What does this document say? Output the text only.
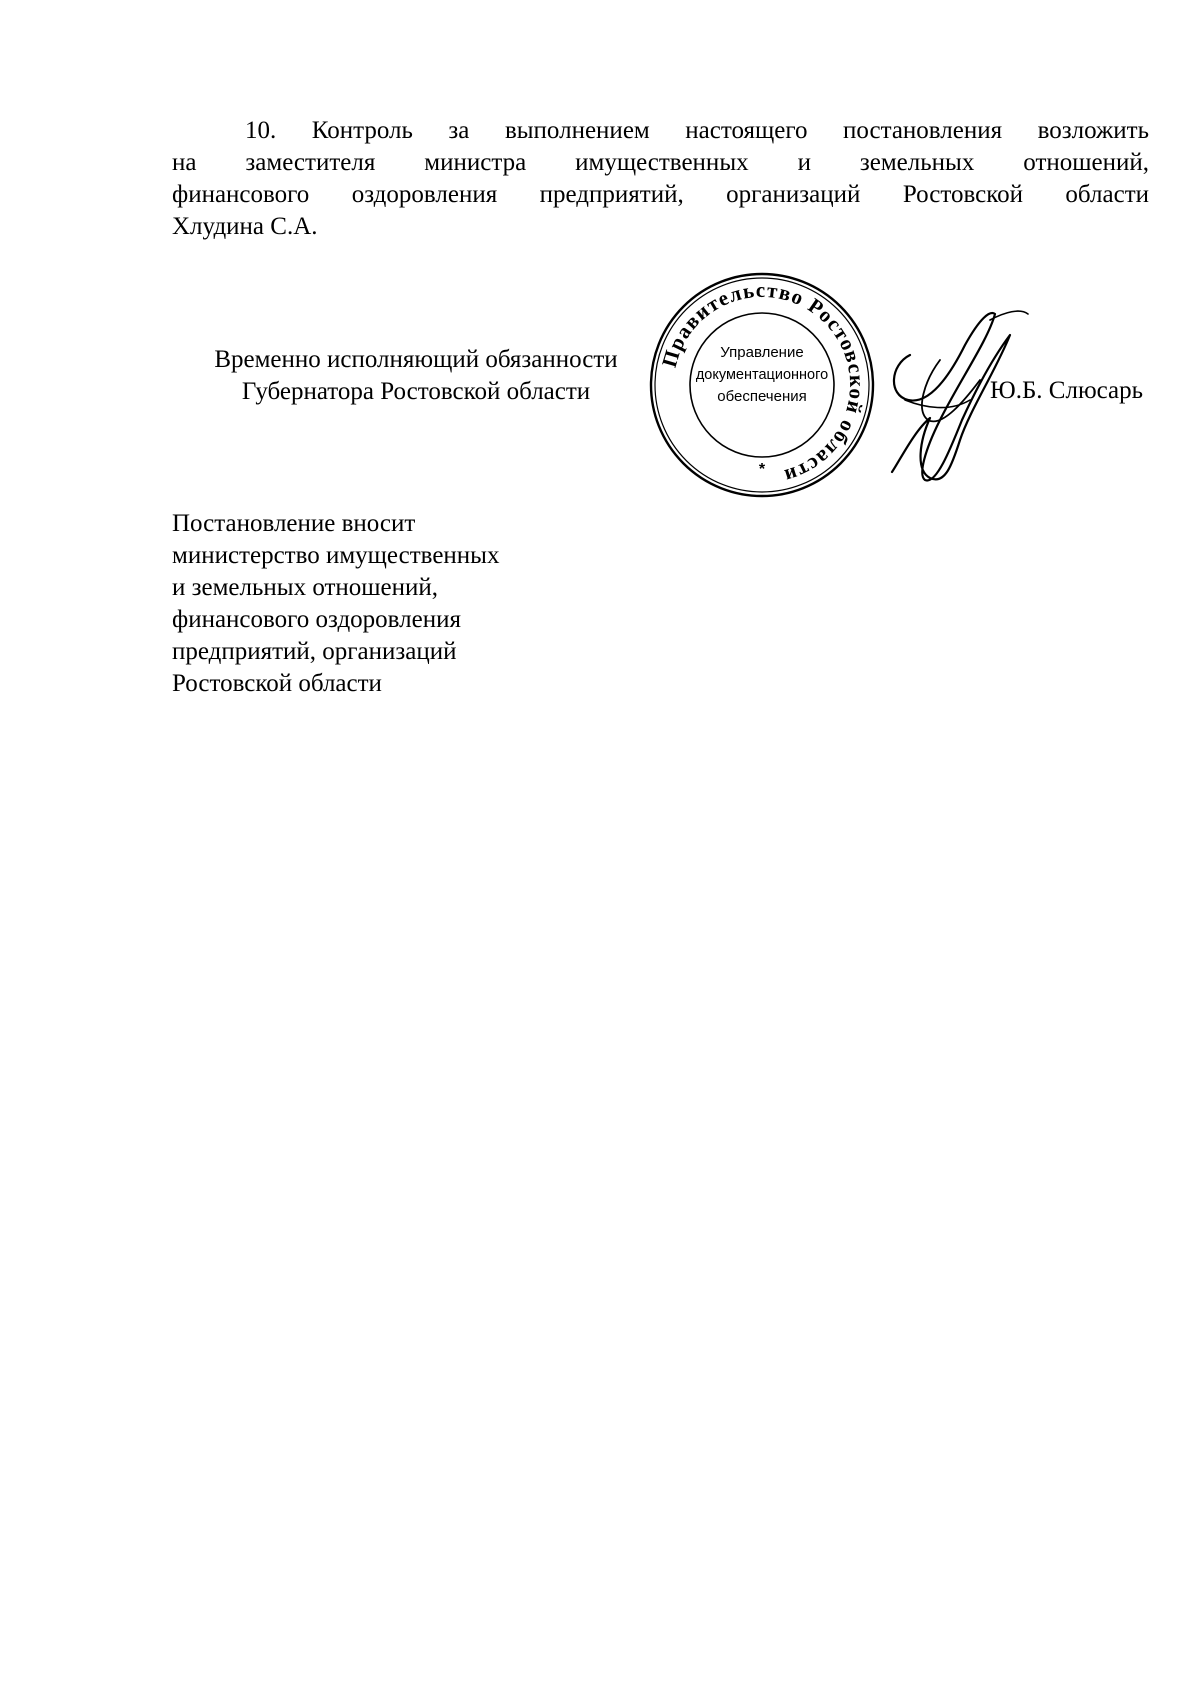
10. Контроль за выполнением настоящего постановления возложить
на заместителя министра имущественных и земельных отношений,
финансового оздоровления предприятий, организаций Ростовской области
Хлудина С.А.
Временно исполняющий обязанности
Губернатора Ростовской области
Правительство Ростовской области
Управление
документационного
обеспечения
*
Ю.Б. Слюсарь
Постановление вносит
министерство имущественных
и земельных отношений,
финансового оздоровления
предприятий, организаций
Ростовской области
